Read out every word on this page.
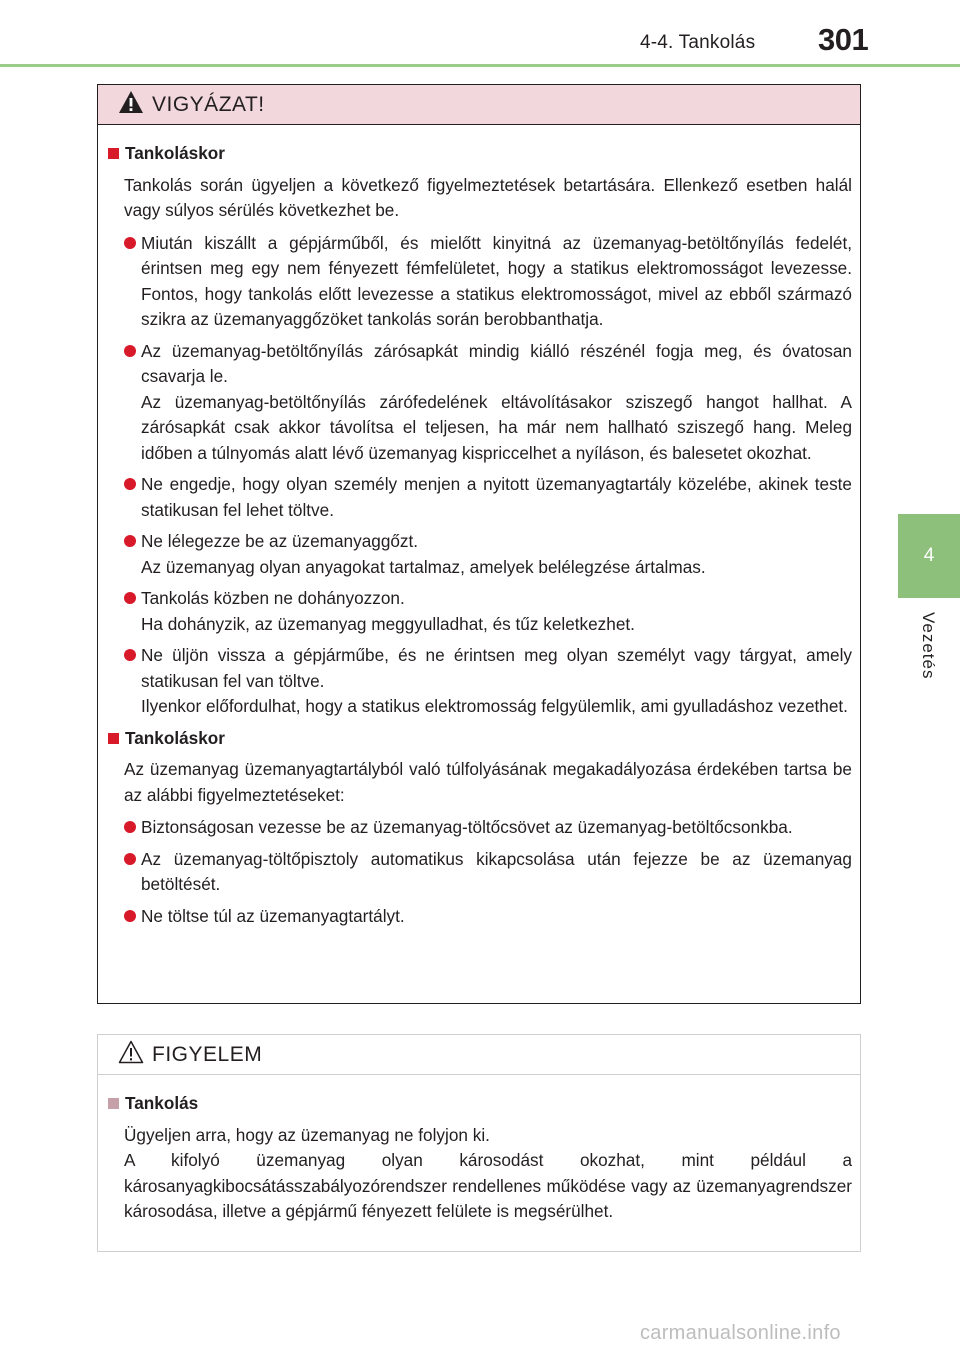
4-4. Tankolás 301
4
Vezetés
VIGYÁZAT!
Tankoláskor

Tankolás során ügyeljen a következő figyelmeztetések betartására. Ellenkező esetben halál vagy súlyos sérülés következhet be.

Miután kiszállt a gépjárműből, és mielőtt kinyitná az üzemanyag-betöltőnyílás fedelét, érintsen meg egy nem fényezett fémfelületet, hogy a statikus elektromosságot levezesse. Fontos, hogy tankolás előtt levezesse a statikus elektromosságot, mivel az ebből származó szikra az üzemanyaggőzöket tankolás során berobbanthatja.

Az üzemanyag-betöltőnyílás zárósapkát mindig kiálló részénél fogja meg, és óvatosan csavarja le.

Az üzemanyag-betöltőnyílás zárófedelének eltávolításakor sziszegő hangot hallhat. A zárósapkát csak akkor távolítsa el teljesen, ha már nem hallható sziszegő hang. Meleg időben a túlnyomás alatt lévő üzemanyag kispriccelhet a nyíláson, és balesetet okozhat.

Ne engedje, hogy olyan személy menjen a nyitott üzemanyagtartály közelébe, akinek teste statikusan fel lehet töltve.

Ne lélegezze be az üzemanyaggőzt.

Az üzemanyag olyan anyagokat tartalmaz, amelyek belélegzése ártalmas.

Tankolás közben ne dohányozzon.

Ha dohányzik, az üzemanyag meggyulladhat, és tűz keletkezhet.

Ne üljön vissza a gépjárműbe, és ne érintsen meg olyan személyt vagy tárgyat, amely statikusan fel van töltve.

Ilyenkor előfordulhat, hogy a statikus elektromosság felgyülemlik, ami gyulladáshoz vezethet.

Tankoláskor

Az üzemanyag üzemanyagtartályból való túlfolyásának megakadályozása érdekében tartsa be az alábbi figyelmeztetéseket:

Biztonságosan vezesse be az üzemanyag-töltőcsövet az üzemanyag-betöltőcsonkba.

Az üzemanyag-töltőpisztoly automatikus kikapcsolása után fejezze be az üzemanyag betöltését.

Ne töltse túl az üzemanyagtartályt.

FIGYELEM
Tankolás

Ügyeljen arra, hogy az üzemanyag ne folyjon ki.

A kifolyó üzemanyag olyan károsodást okozhat, mint például a károsanyagkibocsátásszabályozórendszer rendellenes működése vagy az üzemanyagrendszer károsodása, illetve a gépjármű fényezett felülete is megsérülhet.

carmanualsonline.info
